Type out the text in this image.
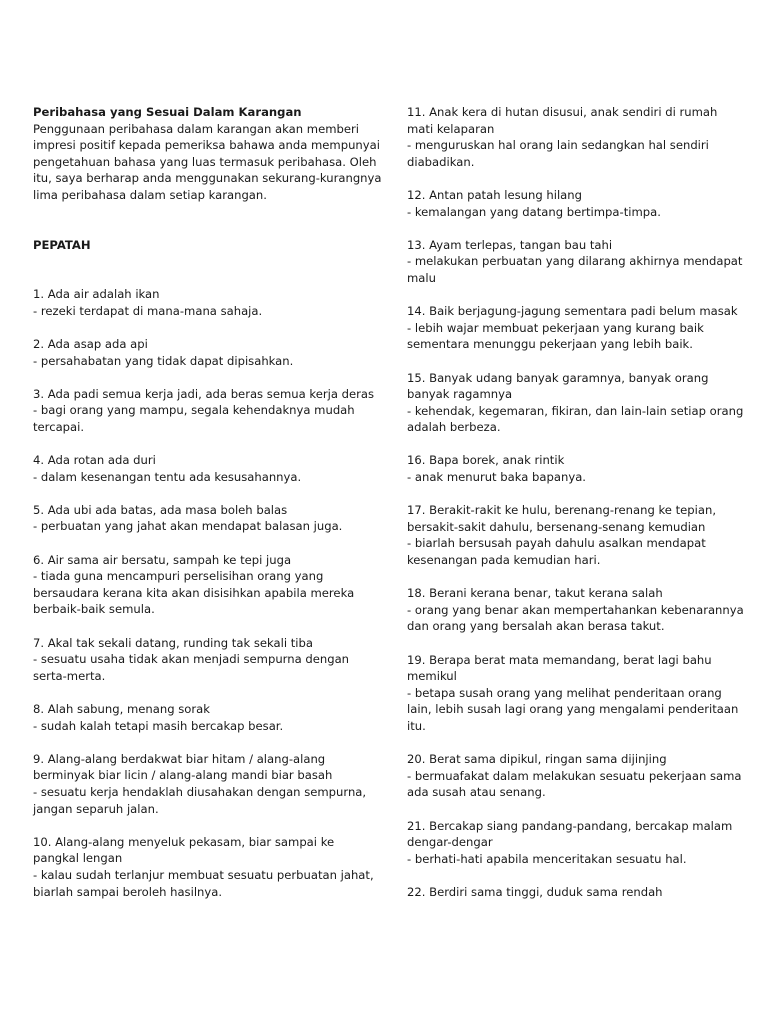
Peribahasa yang Sesuai Dalam Karangan

Penggunaan peribahasa dalam karangan akan memberi impresi positif kepada pemeriksa bahawa anda mempunyai pengetahuan bahasa yang luas termasuk peribahasa. Oleh itu, saya berharap anda menggunakan sekurang-kurangnya lima peribahasa dalam setiap karangan.

PEPATAH

1. Ada air adalah ikan

- rezeki terdapat di mana-mana sahaja.

2. Ada asap ada api

- persahabatan yang tidak dapat dipisahkan.

3. Ada padi semua kerja jadi, ada beras semua kerja deras

- bagi orang yang mampu, segala kehendaknya mudah tercapai.

4. Ada rotan ada duri

- dalam kesenangan tentu ada kesusahannya.

5. Ada ubi ada batas, ada masa boleh balas

- perbuatan yang jahat akan mendapat balasan juga.

6. Air sama air bersatu, sampah ke tepi juga

- tiada guna mencampuri perselisihan orang yang bersaudara kerana kita akan disisihkan apabila mereka berbaik-baik semula.

7. Akal tak sekali datang, runding tak sekali tiba

- sesuatu usaha tidak akan menjadi sempurna dengan serta-merta.

8. Alah sabung, menang sorak

- sudah kalah tetapi masih bercakap besar.

9. Alang-alang berdakwat biar hitam / alang-alang berminyak biar licin / alang-alang mandi biar basah

- sesuatu kerja hendaklah diusahakan dengan sempurna, jangan separuh jalan.

10. Alang-alang menyeluk pekasam, biar sampai ke pangkal lengan

- kalau sudah terlanjur membuat sesuatu perbuatan jahat, biarlah sampai beroleh hasilnya.

11. Anak kera di hutan disusui, anak sendiri di rumah mati kelaparan

- menguruskan hal orang lain sedangkan hal sendiri diabadikan.

12. Antan patah lesung hilang

- kemalangan yang datang bertimpa-timpa.

13. Ayam terlepas, tangan bau tahi

- melakukan perbuatan yang dilarang akhirnya mendapat malu

14. Baik berjagung-jagung sementara padi belum masak

- lebih wajar membuat pekerjaan yang kurang baik sementara menunggu pekerjaan yang lebih baik.

15. Banyak udang banyak garamnya, banyak orang banyak ragamnya

- kehendak, kegemaran, fikiran, dan lain-lain setiap orang adalah berbeza.

16. Bapa borek, anak rintik

- anak menurut baka bapanya.

17. Berakit-rakit ke hulu, berenang-renang ke tepian, bersakit-sakit dahulu, bersenang-senang kemudian

- biarlah bersusah payah dahulu asalkan mendapat kesenangan pada kemudian hari.

18. Berani kerana benar, takut kerana salah

- orang yang benar akan mempertahankan kebenarannya dan orang yang bersalah akan berasa takut.

19. Berapa berat mata memandang, berat lagi bahu memikul

- betapa susah orang yang melihat penderitaan orang lain, lebih susah lagi orang yang mengalami penderitaan itu.

20. Berat sama dipikul, ringan sama dijinjing

- bermuafakat dalam melakukan sesuatu pekerjaan sama ada susah atau senang.

21. Bercakap siang pandang-pandang, bercakap malam dengar-dengar

- berhati-hati apabila menceritakan sesuatu hal.

22. Berdiri sama tinggi, duduk sama rendah
